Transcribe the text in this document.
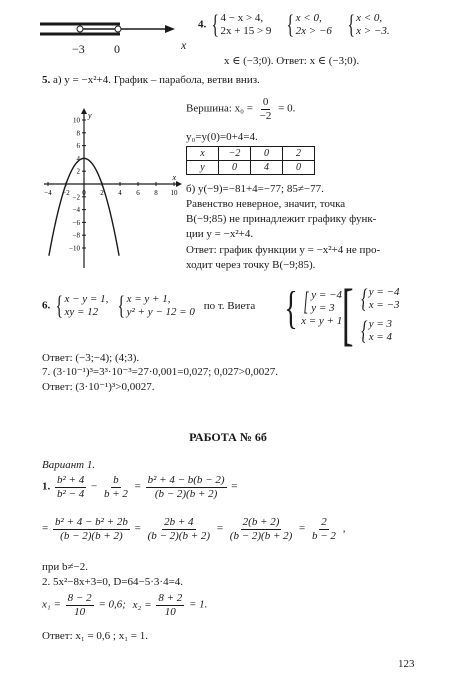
−3 0	x
4. { 4 − x > 4,
2x + 15 > 9
{ x < 0,
2x > −6
{ x < 0,
x > −3.
x ∈ (−3;0). Ответ: x ∈ (−3;0).
5. а) y = −x²+4. График – парабола, ветви вниз.
−4 −2 0 2 4 6 8 10
10
8
6
4
2
−2
−4
−6
−8
−10
x
y
Вершина: $x_0 = \frac{0}{-2} = 0$.
y₀=y(0)=0+4=4.
x	−2	0	2
y	0	4	0
б) y(−9)=−81+4=−77; 85≠−77.
Равенство неверное, значит, точка
B(−9;85) не принадлежит графику функ-
ции y = −x²+4.
Ответ: график функции y = −x²+4 не про-
ходит через точку B(−9;85).
6. { x − y = 1,
xy = 12
{ x = y + 1,
y² + y − 12 = 0
по т. Виета { [ y = −4
y = 3
x = y + 1 [ { y = −4
x = −3
{ y = 3
x = 4
Ответ: (−3;−4); (4;3).
7. (3·10⁻¹)³=3³·10⁻³=27·0,001=0,027; 0,027>0,0027.
Ответ: (3·10⁻¹)³>0,0027.
РАБОТА № 6б
Вариант 1.
1. $\frac{\text{b² + 4}}{\text{b² − 4}} - \frac{b}{b + 2} = \frac{\text{b² + 4 − b(b − 2)}}{(b - 2)(b + 2)}$ =
= $\frac{\text{b² + 4 − b² + 2b}}{(b - 2)(b + 2)} = \frac{2b + 4}{(b - 2)(b + 2)} = \frac{2(b + 2)}{(b - 2)(b + 2)} = \frac{2}{b - 2}$ ,
при b≠−2.
2. 5x²−8x+3=0, D=64−5·3·4=4.
$x_1 = \frac{8 - 2}{10} = 0,6$; $x_2 = \frac{8 + 2}{10} = 1$.
Ответ: x₁ = 0,6 ; x₁ = 1.
123
